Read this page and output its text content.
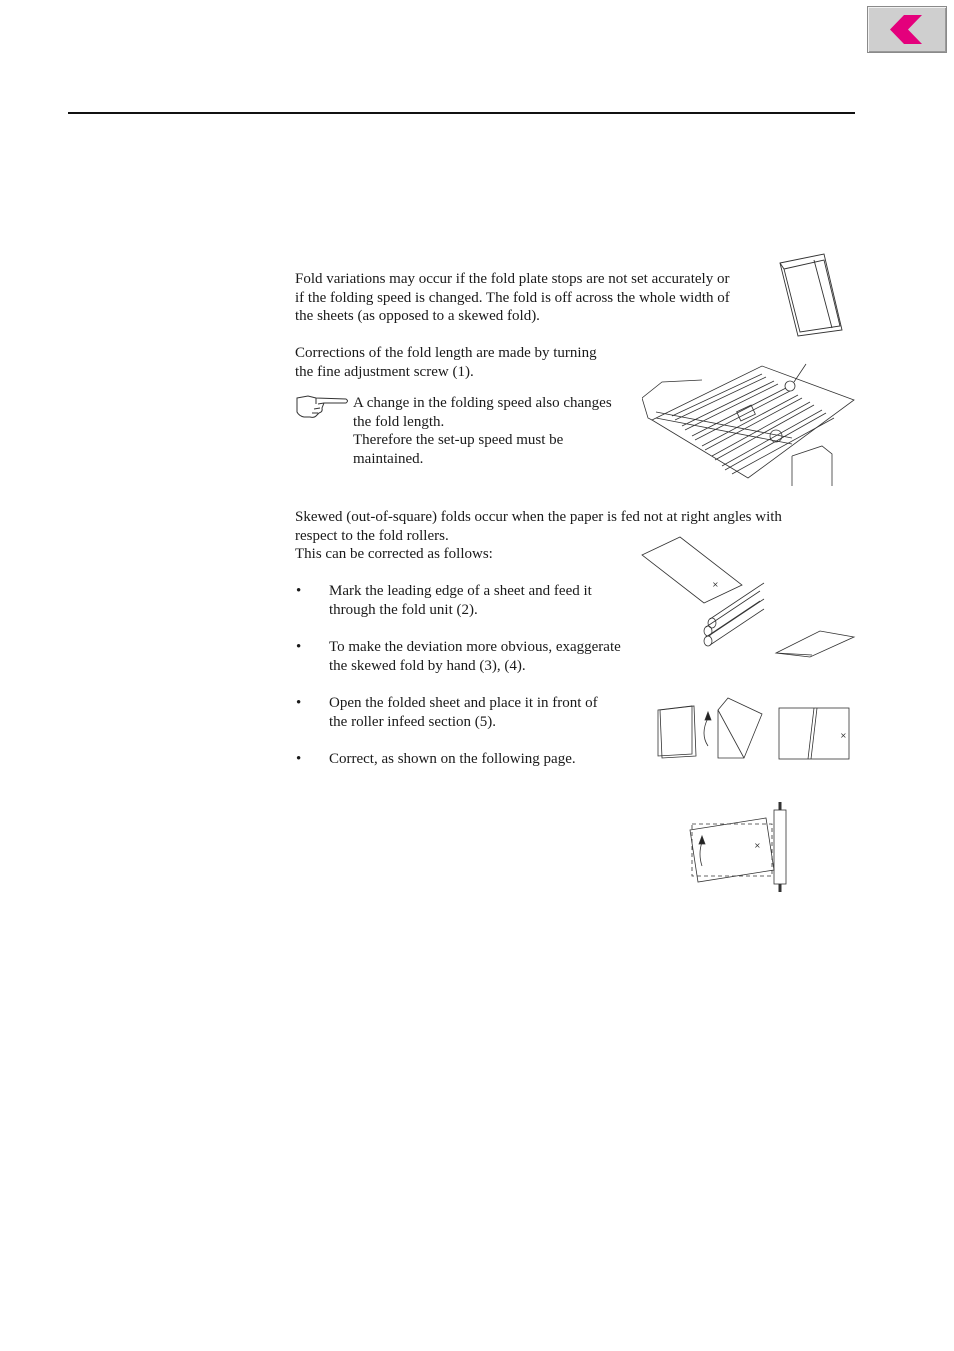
Fold variations may occur if the fold plate stops are not set accurately or
if the folding speed is changed. The fold is off across the whole width of
the sheets (as opposed to a skewed fold).

Corrections of the fold length are made by turning
the fine adjustment screw (1).

A change in the folding speed also changes
the fold length.
Therefore the set-up speed must be
maintained.

Skewed (out-of-square) folds occur when the paper is fed not at right angles with
respect to the fold rollers.
This can be corrected as follows:

• Mark the leading edge of a sheet and feed it
through the fold unit (2).

• To make the deviation more obvious, exaggerate
the skewed fold by hand (3), (4).

• Open the folded sheet and place it in front of
the roller infeed section (5).

• Correct, as shown on the following page.

×
×
×
